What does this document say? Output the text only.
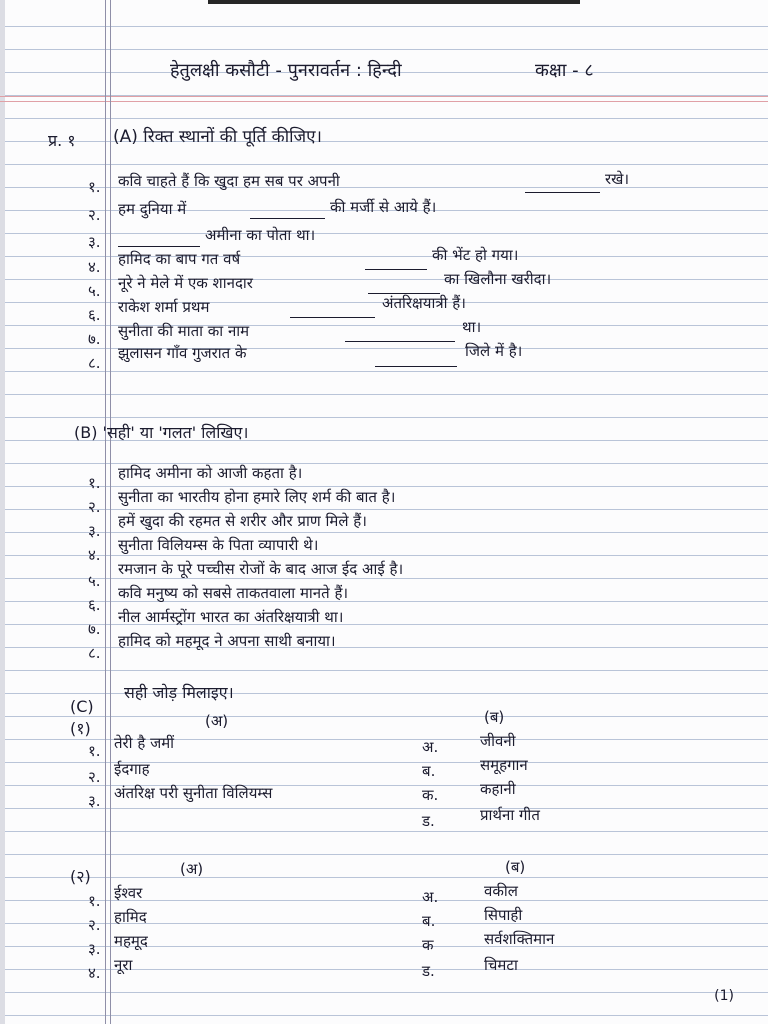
हेतुलक्षी कसौटी - पुनरावर्तन : हिन्दी	कक्षा - ८
प्र. १ (A) रिक्त स्थानों की पूर्ति कीजिए।
१. कवि चाहते हैं कि खुदा हम सब पर अपनी	रखे।
२. हम दुनिया में	की मर्जी से आये हैं।
३.	अमीना का पोता था।
४. हामिद का बाप गत वर्ष	की भेंट हो गया।
५. नूरे ने मेले में एक शानदार	का खिलौना खरीदा।
६. राकेश शर्मा प्रथम	अंतरिक्षयात्री हैं।
७. सुनीता की माता का नाम	था।
८.
झुलासन गाँव गुजरात के	जिले में है।
(B) 'सही' या 'गलत' लिखिए।
१.
हामिद अमीना को आजी कहता है।
२.
सुनीता का भारतीय होना हमारे लिए शर्म की बात है।
३.
हमें खुदा की रहमत से शरीर और प्राण मिले हैं।
४.
सुनीता विलियम्स के पिता व्यापारी थे।
५.
रमजान के पूरे पच्चीस रोजों के बाद आज ईद आई है।
६.
कवि मनुष्य को सबसे ताकतवाला मानते हैं।
७.
नील आर्मस्ट्रोंग भारत का अंतरिक्षयात्री था।
८.
हामिद को महमूद ने अपना साथी बनाया।
(C)
सही जोड़ मिलाइए।
(१)	(अ)	(ब)
१. तेरी है जमीं
२. ईदगाह
३. अंतरिक्ष परी सुनीता विलियम्स
अ.	जीवनी
ब.	समूहगान
क.	कहानी
ड.	प्रार्थना गीत
(२)	(अ)	(ब)
१. ईश्वर
२. हामिद
३. महमूद
४. नूरा
अ.	वकील
ब.	सिपाही
क	सर्वशक्तिमान
ड.	चिमटा
(1)
